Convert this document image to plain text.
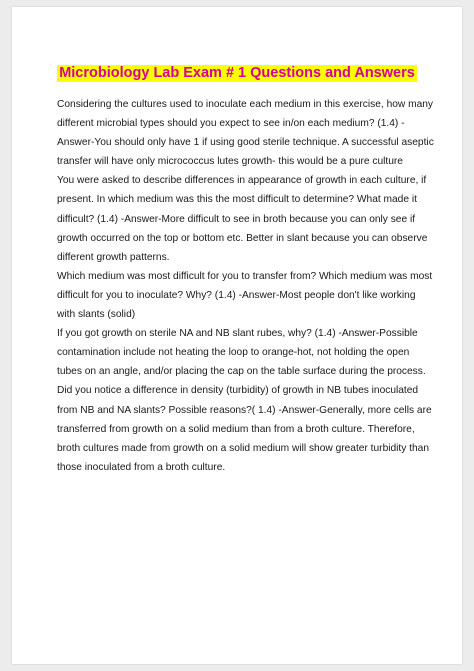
Microbiology Lab Exam # 1 Questions and Answers

Considering the cultures used to inoculate each medium in this exercise, how many different microbial types should you expect to see in/on each medium? (1.4) -Answer-You should only have 1 if using good sterile technique. A successful aseptic transfer will have only micrococcus lutes growth- this would be a pure culture

You were asked to describe differences in appearance of growth in each culture, if present. In which medium was this the most difficult to determine? What made it difficult? (1.4) -Answer-More difficult to see in broth because you can only see if growth occurred on the top or bottom etc. Better in slant because you can observe different growth patterns.

Which medium was most difficult for you to transfer from? Which medium was most difficult for you to inoculate? Why? (1.4) -Answer-Most people don't like working with slants (solid)

If you got growth on sterile NA and NB slant rubes, why? (1.4) -Answer-Possible contamination include not heating the loop to orange-hot, not holding the open tubes on an angle, and/or placing the cap on the table surface during the process.

Did you notice a difference in density (turbidity) of growth in NB tubes inoculated from NB and NA slants? Possible reasons?( 1.4) -Answer-Generally, more cells are transferred from growth on a solid medium than from a broth culture. Therefore, broth cultures made from growth on a solid medium will show greater turbidity than those inoculated from a broth culture.
